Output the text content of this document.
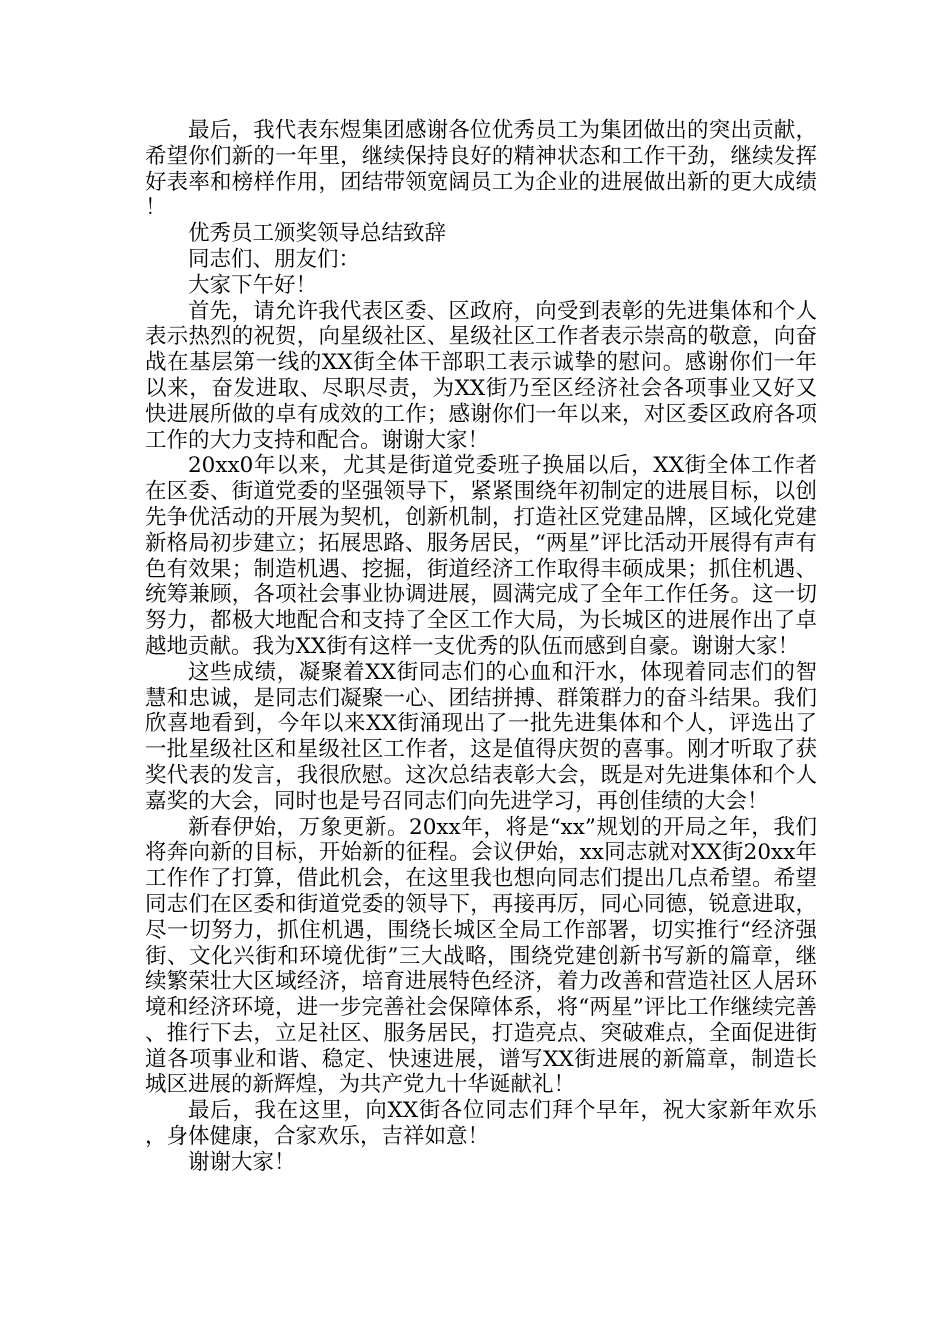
最后，我代表东煜集团感谢各位优秀员工为集团做出的突出贡献，希望你们新的一年里，继续保持良好的精神状态和工作干劲，继续发挥好表率和榜样作用，团结带领宽阔员工为企业的进展做出新的更大成绩！

优秀员工颁奖领导总结致辞

同志们、朋友们：

大家下午好！

首先，请允许我代表区委、区政府，向受到表彰的先进集体和个人表示热烈的祝贺，向星级社区、星级社区工作者表示崇高的敬意，向奋战在基层第一线的XX街全体干部职工表示诚挚的慰问。感谢你们一年以来，奋发进取、尽职尽责，为XX街乃至区经济社会各项事业又好又快进展所做的卓有成效的工作；感谢你们一年以来，对区委区政府各项工作的大力支持和配合。谢谢大家！

20xx0年以来，尤其是街道党委班子换届以后，XX街全体工作者在区委、街道党委的坚强领导下，紧紧围绕年初制定的进展目标，以创先争优活动的开展为契机，创新机制，打造社区党建品牌，区域化党建新格局初步建立；拓展思路、服务居民，“两星”评比活动开展得有声有色有效果；制造机遇、挖掘，街道经济工作取得丰硕成果；抓住机遇、统筹兼顾，各项社会事业协调进展，圆满完成了全年工作任务。这一切努力，都极大地配合和支持了全区工作大局，为长城区的进展作出了卓越地贡献。我为XX街有这样一支优秀的队伍而感到自豪。谢谢大家！

这些成绩，凝聚着XX街同志们的心血和汗水，体现着同志们的智慧和忠诚，是同志们凝聚一心、团结拼搏、群策群力的奋斗结果。我们欣喜地看到，今年以来XX街涌现出了一批先进集体和个人，评选出了一批星级社区和星级社区工作者，这是值得庆贺的喜事。刚才听取了获奖代表的发言，我很欣慰。这次总结表彰大会，既是对先进集体和个人嘉奖的大会，同时也是号召同志们向先进学习，再创佳绩的大会！

新春伊始，万象更新。20xx年，将是“xx”规划的开局之年，我们将奔向新的目标，开始新的征程。会议伊始，xx同志就对XX街20xx年工作作了打算，借此机会，在这里我也想向同志们提出几点希望。希望同志们在区委和街道党委的领导下，再接再厉，同心同德，锐意进取，尽一切努力，抓住机遇，围绕长城区全局工作部署，切实推行“经济强街、文化兴街和环境优街”三大战略，围绕党建创新书写新的篇章，继续繁荣壮大区域经济，培育进展特色经济，着力改善和营造社区人居环境和经济环境，进一步完善社会保障体系，将“两星”评比工作继续完善、推行下去，立足社区、服务居民，打造亮点、突破难点，全面促进街道各项事业和谐、稳定、快速进展，谱写XX街进展的新篇章，制造长城区进展的新辉煌，为共产党九十华诞献礼！

最后，我在这里，向XX街各位同志们拜个早年，祝大家新年欢乐，身体健康，合家欢乐，吉祥如意！

谢谢大家！
